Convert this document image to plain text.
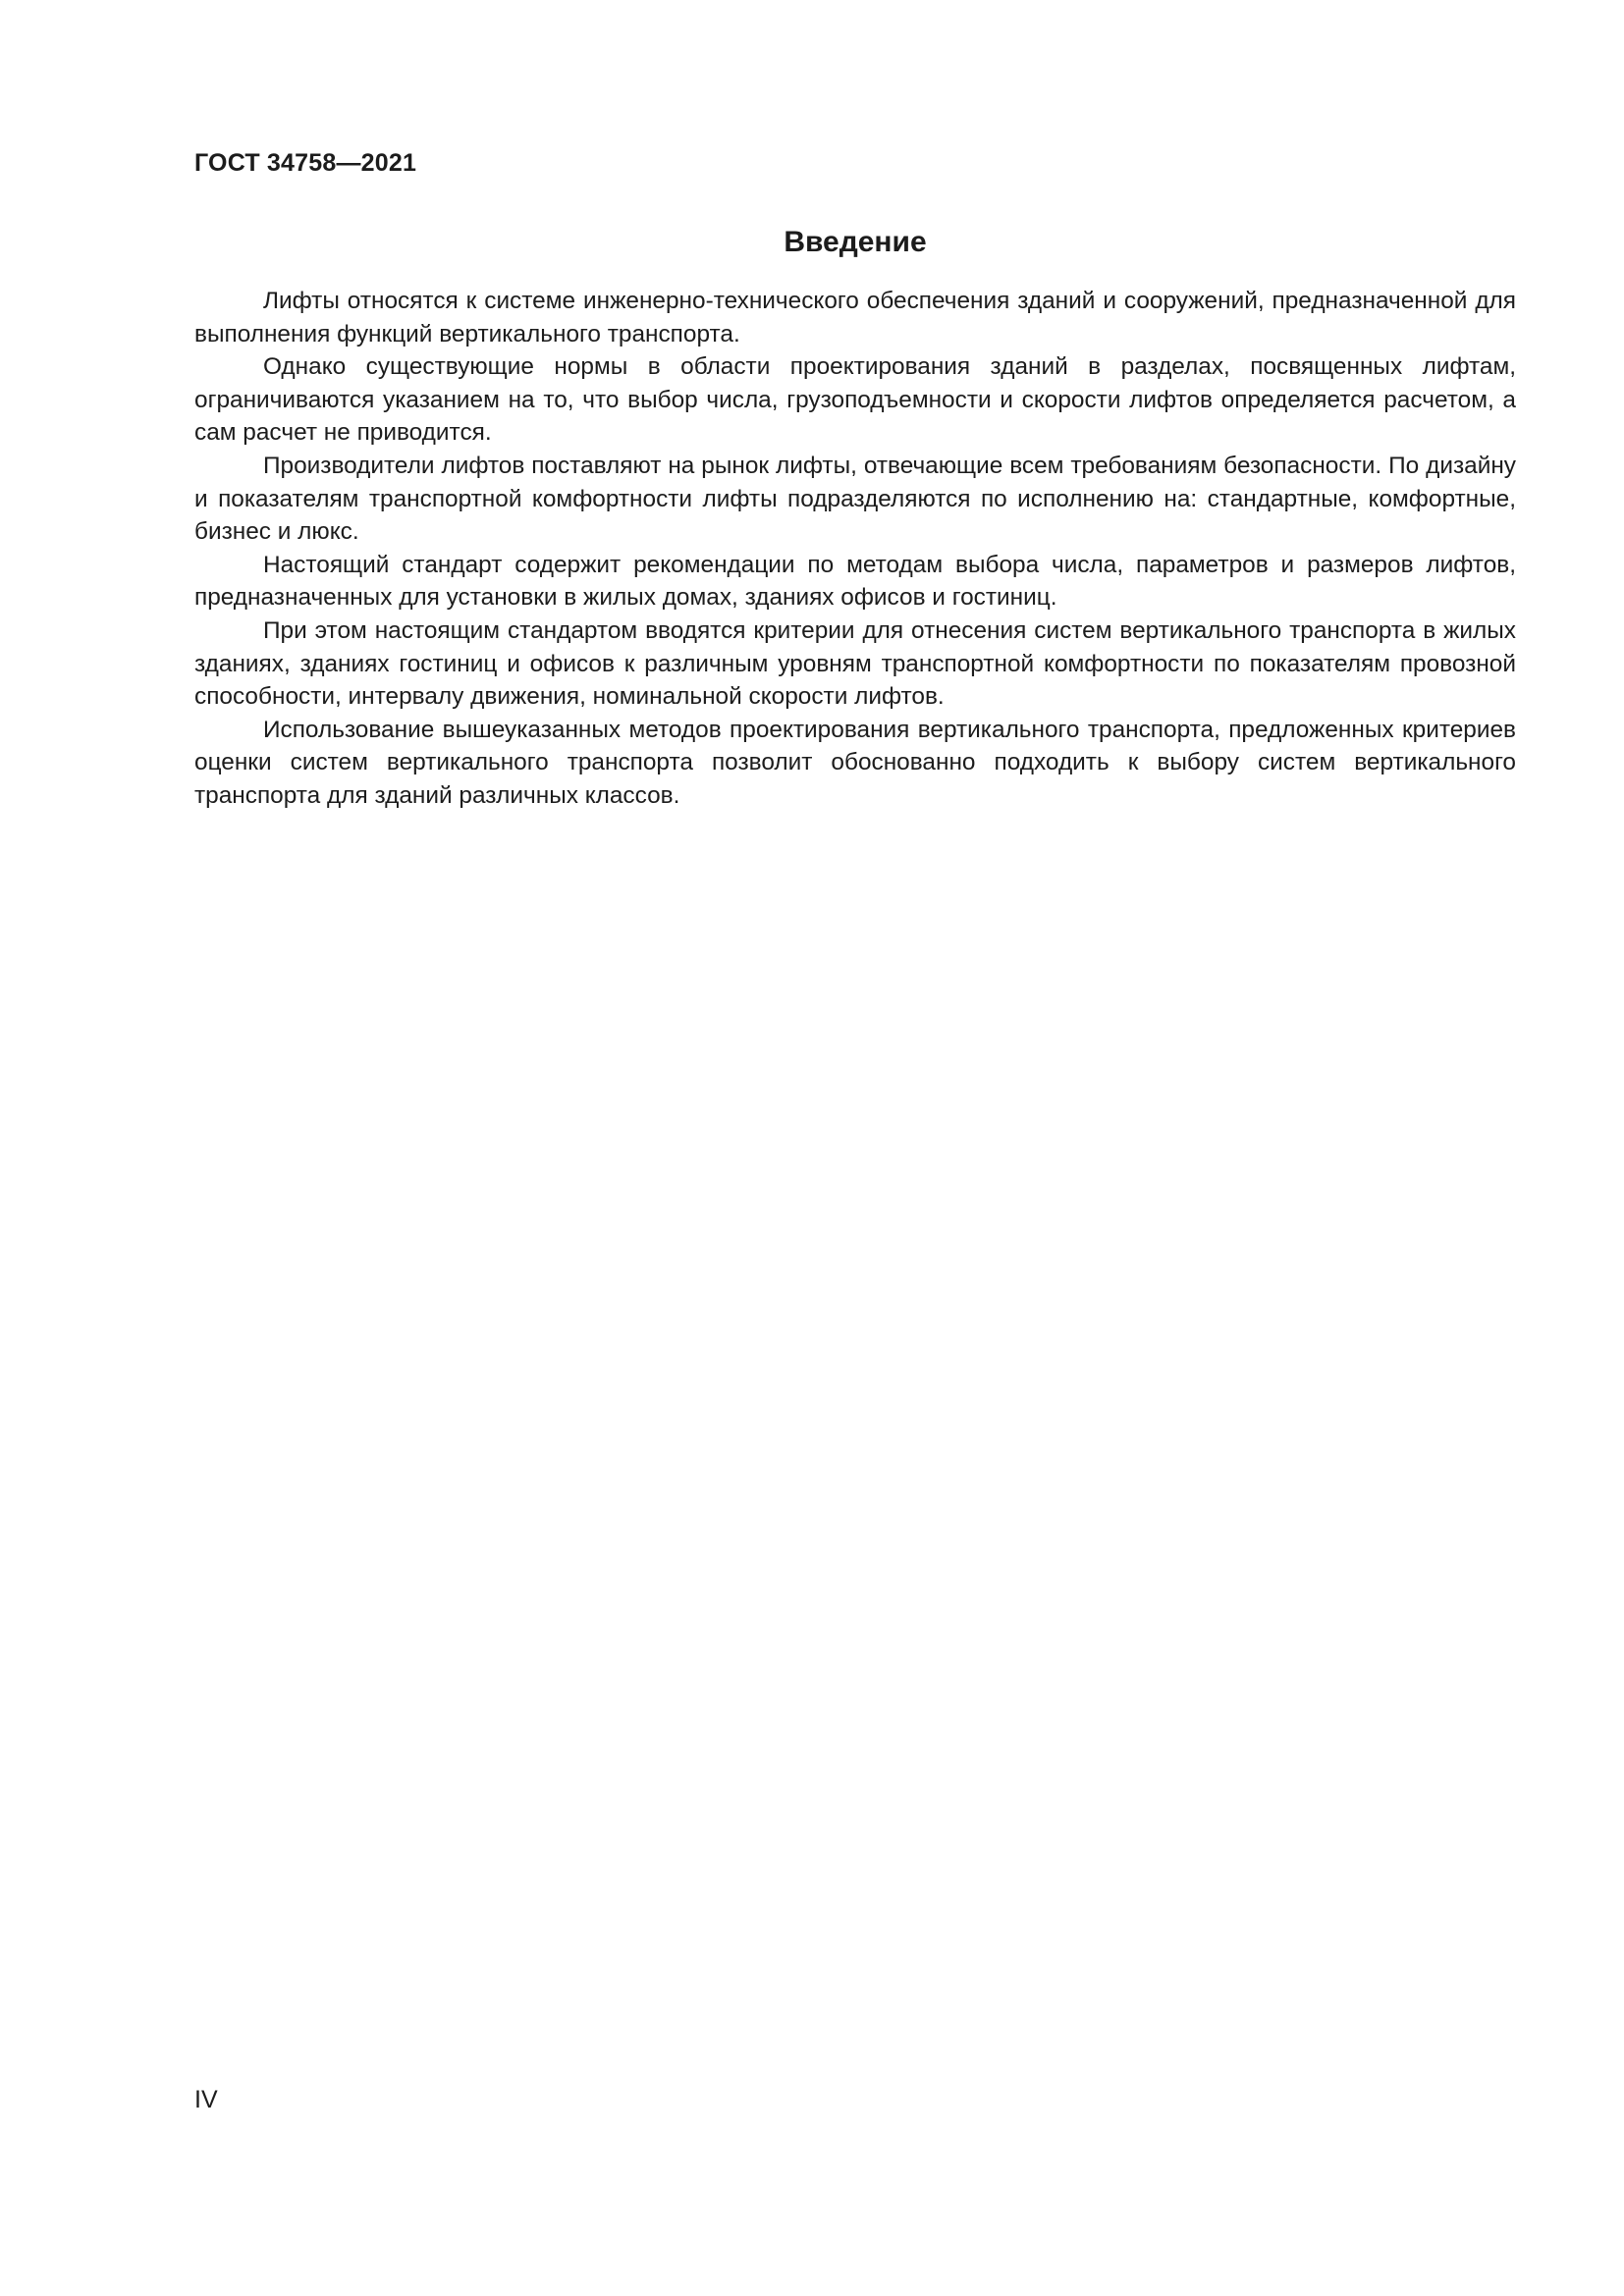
ГОСТ 34758—2021
Введение

Лифты относятся к системе инженерно-технического обеспечения зданий и сооружений, предназначенной для выполнения функций вертикального транспорта.

Однако существующие нормы в области проектирования зданий в разделах, посвященных лифтам, ограничиваются указанием на то, что выбор числа, грузоподъемности и скорости лифтов определяется расчетом, а сам расчет не приводится.

Производители лифтов поставляют на рынок лифты, отвечающие всем требованиям безопасности. По дизайну и показателям транспортной комфортности лифты подразделяются по исполнению на: стандартные, комфортные, бизнес и люкс.

Настоящий стандарт содержит рекомендации по методам выбора числа, параметров и размеров лифтов, предназначенных для установки в жилых домах, зданиях офисов и гостиниц.

При этом настоящим стандартом вводятся критерии для отнесения систем вертикального транспорта в жилых зданиях, зданиях гостиниц и офисов к различным уровням транспортной комфортности по показателям провозной способности, интервалу движения, номинальной скорости лифтов.

Использование вышеуказанных методов проектирования вертикального транспорта, предложенных критериев оценки систем вертикального транспорта позволит обоснованно подходить к выбору систем вертикального транспорта для зданий различных классов.

IV
